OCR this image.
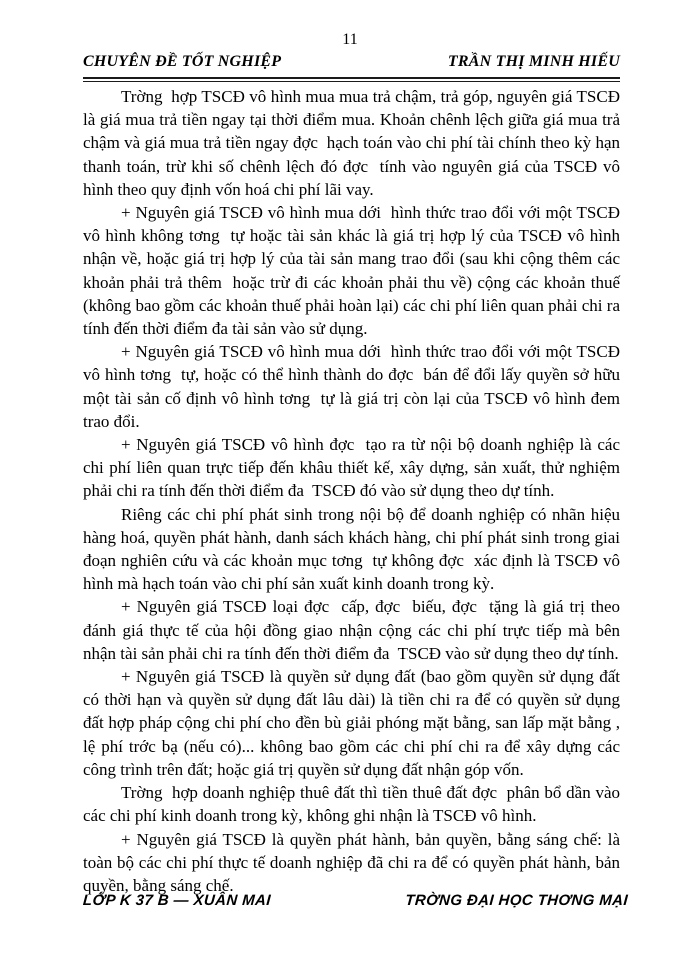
11
CHUYÊN ĐỀ TỐT NGHIỆP	TRẦN THỊ MINH HIẾU

Trờng  hợp TSCĐ vô hình mua mua trả chậm, trả góp, nguyên giá TSCĐ là giá mua trả tiền ngay tại thời điểm mua. Khoản chênh lệch giữa giá mua trả chậm và giá mua trả tiền ngay đợc  hạch toán vào chi phí tài chính theo kỳ hạn thanh toán, trừ khi số chênh lệch đó đợc  tính vào nguyên giá của TSCĐ vô hình theo quy định vốn hoá chi phí lãi vay.

+ Nguyên giá TSCĐ vô hình mua dới  hình thức trao đổi với một TSCĐ vô hình không tơng  tự hoặc tài sản khác là giá trị hợp lý của TSCĐ vô hình nhận về, hoặc giá trị hợp lý của tài sản mang trao đổi (sau khi cộng thêm các khoản phải trả thêm  hoặc trừ đi các khoản phải thu về) cộng các khoản thuế (không bao gồm các khoản thuế phải hoàn lại) các chi phí liên quan phải chi ra tính đến thời điểm đa tài sản vào sử dụng.

+ Nguyên giá TSCĐ vô hình mua dới  hình thức trao đổi với một TSCĐ vô hình tơng  tự, hoặc có thể hình thành do đợc  bán để đổi lấy quyền sở hữu một tài sản cố định vô hình tơng  tự là giá trị còn lại của TSCĐ vô hình đem trao đổi.

+ Nguyên giá TSCĐ vô hình đợc  tạo ra từ nội bộ doanh nghiệp là các chi phí liên quan trực tiếp đến khâu thiết kế, xây dựng, sản xuất, thử nghiệm phải chi ra tính đến thời điểm đa  TSCĐ đó vào sử dụng theo dự tính.

Riêng các chi phí phát sinh trong nội bộ để doanh nghiệp có nhãn hiệu hàng hoá, quyền phát hành, danh sách khách hàng, chi phí phát sinh trong giai đoạn nghiên cứu và các khoản mục tơng  tự không đợc  xác định là TSCĐ vô hình mà hạch toán vào chi phí sản xuất kinh doanh trong kỳ.

+ Nguyên giá TSCĐ loại đợc  cấp, đợc  biếu, đợc  tặng là giá trị theo đánh giá thực tế của hội đồng giao nhận cộng các chi phí trực tiếp mà bên nhận tài sản phải chi ra tính đến thời điểm đa  TSCĐ vào sử dụng theo dự tính.

+ Nguyên giá TSCĐ là quyền sử dụng đất (bao gồm quyền sử dụng đất có thời hạn và quyền sử dụng đất lâu dài) là tiền chi ra để có quyền sử dụng đất hợp pháp cộng chi phí cho đền bù giải phóng mặt bằng, san lấp mặt bằng , lệ phí trớc bạ (nếu có)... không bao gồm các chi phí chi ra để xây dựng các công trình trên đất; hoặc giá trị quyền sử dụng đất nhận góp vốn.

Trờng  hợp doanh nghiệp thuê đất thì tiền thuê đất đợc  phân bổ dần vào các chi phí kinh doanh trong kỳ, không ghi nhận là TSCĐ vô hình.

+ Nguyên giá TSCĐ là quyền phát hành, bản quyền, bằng sáng chế: là toàn bộ các chi phí thực tế doanh nghiệp đã chi ra để có quyền phát hành, bản quyền, bằng sáng chế.

LỚP K 37 B — XUÂN MAI	TRỜNG ĐẠI HỌC THƠNG MẠI
